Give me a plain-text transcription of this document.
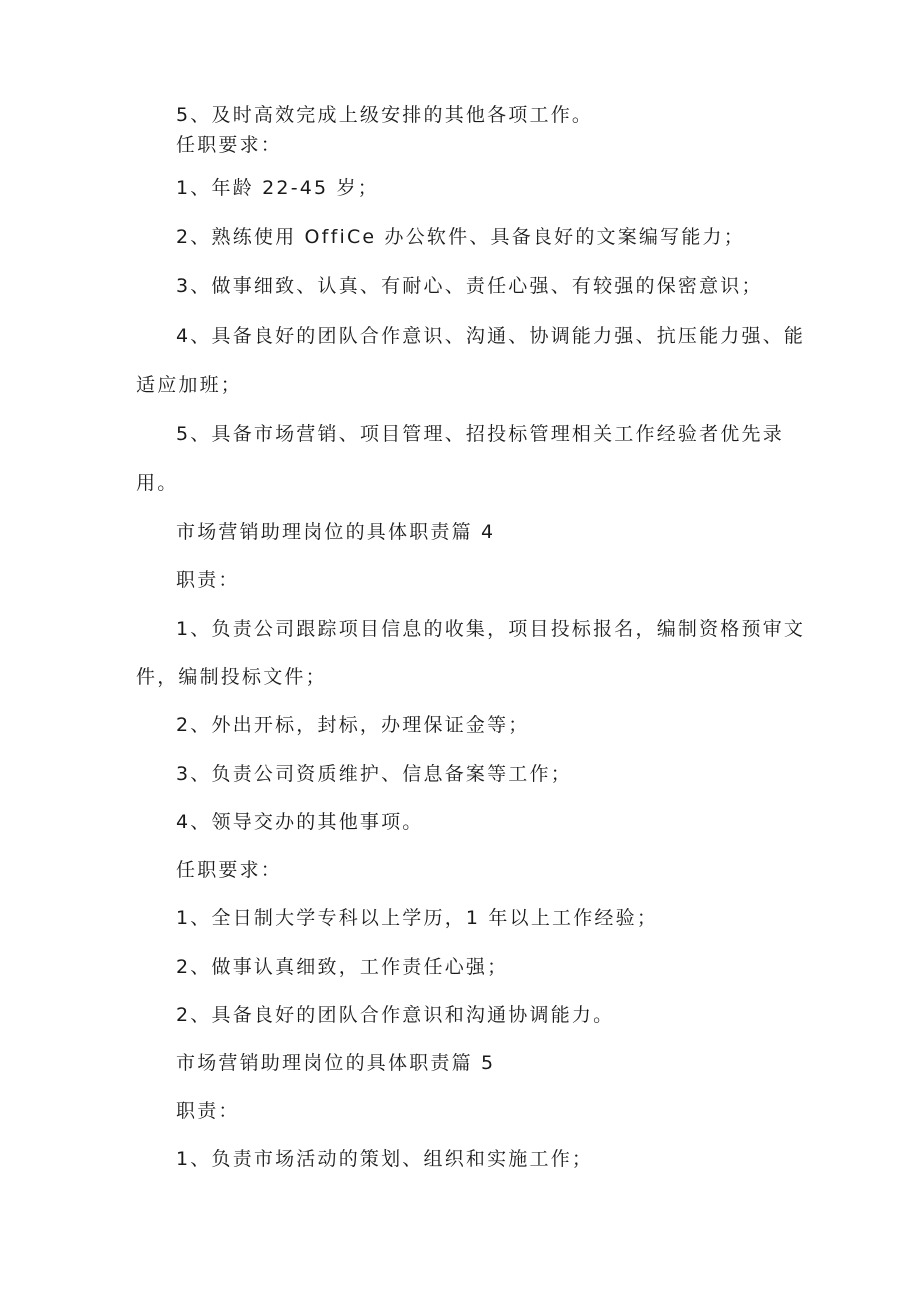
5、及时高效完成上级安排的其他各项工作。
任职要求：
1、年龄 22-45 岁；
2、熟练使用 OffiCe 办公软件、具备良好的文案编写能力；
3、做事细致、认真、有耐心、责任心强、有较强的保密意识；
4、具备良好的团队合作意识、沟通、协调能力强、抗压能力强、能
适应加班；
5、具备市场营销、项目管理、招投标管理相关工作经验者优先录
用。
市场营销助理岗位的具体职责篇 4
职责：
1、负责公司跟踪项目信息的收集，项目投标报名，编制资格预审文
件，编制投标文件；
2、外出开标，封标，办理保证金等；
3、负责公司资质维护、信息备案等工作；
4、领导交办的其他事项。
任职要求：
1、全日制大学专科以上学历，1 年以上工作经验；
2、做事认真细致，工作责任心强；
2、具备良好的团队合作意识和沟通协调能力。
市场营销助理岗位的具体职责篇 5
职责：
1、负责市场活动的策划、组织和实施工作；
